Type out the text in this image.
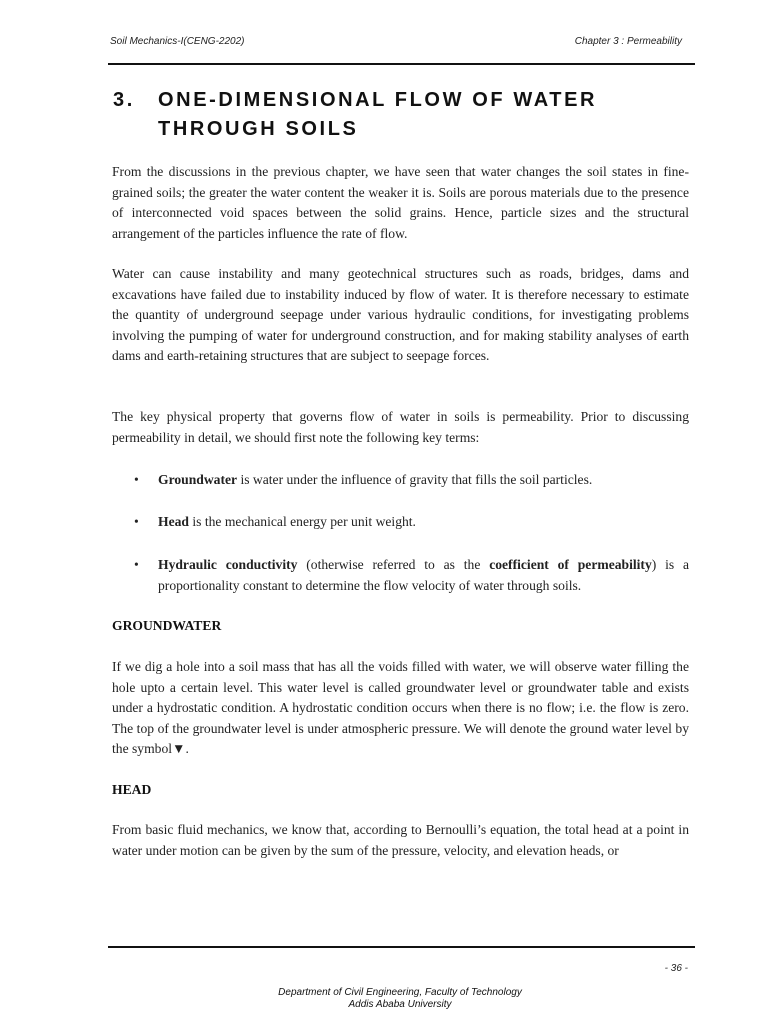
Soil Mechanics-I(CENG-2202)	Chapter 3 : Permeability
3.	ONE-DIMENSIONAL FLOW OF WATER THROUGH SOILS

From the discussions in the previous chapter, we have seen that water changes the soil states in fine-grained soils; the greater the water content the weaker it is. Soils are porous materials due to the presence of interconnected void spaces between the solid grains. Hence, particle sizes and the structural arrangement of the particles influence the rate of flow.

Water can cause instability and many geotechnical structures such as roads, bridges, dams and excavations have failed due to instability induced by flow of water. It is therefore necessary to estimate the quantity of underground seepage under various hydraulic conditions, for investigating problems involving the pumping of water for underground construction, and for making stability analyses of earth dams and earth-retaining structures that are subject to seepage forces.

The key physical property that governs flow of water in soils is permeability. Prior to discussing permeability in detail, we should first note the following key terms:

•	Groundwater is water under the influence of gravity that fills the soil particles.
•	Head is the mechanical energy per unit weight.
•	Hydraulic conductivity (otherwise referred to as the coefficient of permeability) is a proportionality constant to determine the flow velocity of water through soils.
GROUNDWATER

If we dig a hole into a soil mass that has all the voids filled with water, we will observe water filling the hole upto a certain level. This water level is called groundwater level or groundwater table and exists under a hydrostatic condition. A hydrostatic condition occurs when there is no flow; i.e. the flow is zero. The top of the groundwater level is under atmospheric pressure. We will denote the ground water level by the symbol▼.

HEAD

From basic fluid mechanics, we know that, according to Bernoulli’s equation, the total head at a point in water under motion can be given by the sum of the pressure, velocity, and elevation heads, or

- 36 -
Department of Civil Engineering, Faculty of Technology
Addis Ababa University
